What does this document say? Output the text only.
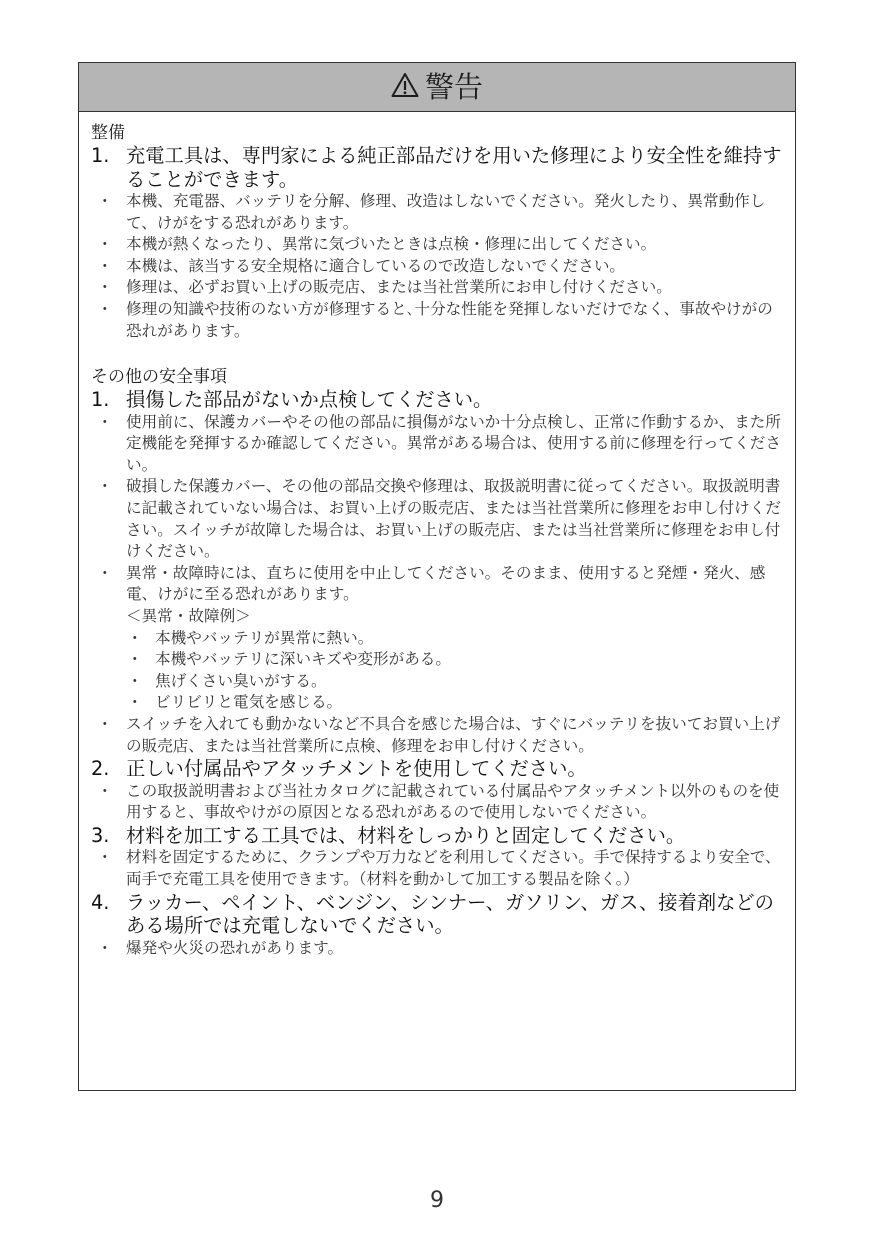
警告
整備
1. 充電工具は、専門家による純正部品だけを用いた修理により安全性を維持することができます。
・ 本機、充電器、バッテリを分解、修理、改造はしないでください。発火したり、異常動作して、けがをする恐れがあります。
・ 本機が熱くなったり、異常に気づいたときは点検・修理に出してください。
・ 本機は、該当する安全規格に適合しているので改造しないでください。
・ 修理は、必ずお買い上げの販売店、または当社営業所にお申し付けください。
・ 修理の知識や技術のない方が修理すると､十分な性能を発揮しないだけでなく、事故やけがの恐れがあります。
その他の安全事項
1. 損傷した部品がないか点検してください。
・ 使用前に、保護カバーやその他の部品に損傷がないか十分点検し、正常に作動するか、また所定機能を発揮するか確認してください。異常がある場合は、使用する前に修理を行ってください。
・ 破損した保護カバー、その他の部品交換や修理は、取扱説明書に従ってください。取扱説明書に記載されていない場合は、お買い上げの販売店、または当社営業所に修理をお申し付けください。スイッチが故障した場合は、お買い上げの販売店、または当社営業所に修理をお申し付けください。
・ 異常・故障時には、直ちに使用を中止してください。そのまま、使用すると発煙・発火、感電、けがに至る恐れがあります。
＜異常・故障例＞
・ 本機やバッテリが異常に熱い。
・ 本機やバッテリに深いキズや変形がある。
・ 焦げくさい臭いがする。
・ ビリビリと電気を感じる。
・ スイッチを入れても動かないなど不具合を感じた場合は、すぐにバッテリを抜いてお買い上げの販売店、または当社営業所に点検、修理をお申し付けください。
2. 正しい付属品やアタッチメントを使用してください。
・ この取扱説明書および当社カタログに記載されている付属品やアタッチメント以外のものを使用すると、事故やけがの原因となる恐れがあるので使用しないでください。
3. 材料を加工する工具では、材料をしっかりと固定してください。
・ 材料を固定するために、クランプや万力などを利用してください。手で保持するより安全で、両手で充電工具を使用できます。（材料を動かして加工する製品を除く。）
4. ラッカー、ペイント、ベンジン、シンナー、ガソリン、ガス、接着剤などのある場所では充電しないでください。
・ 爆発や火災の恐れがあります。
9
